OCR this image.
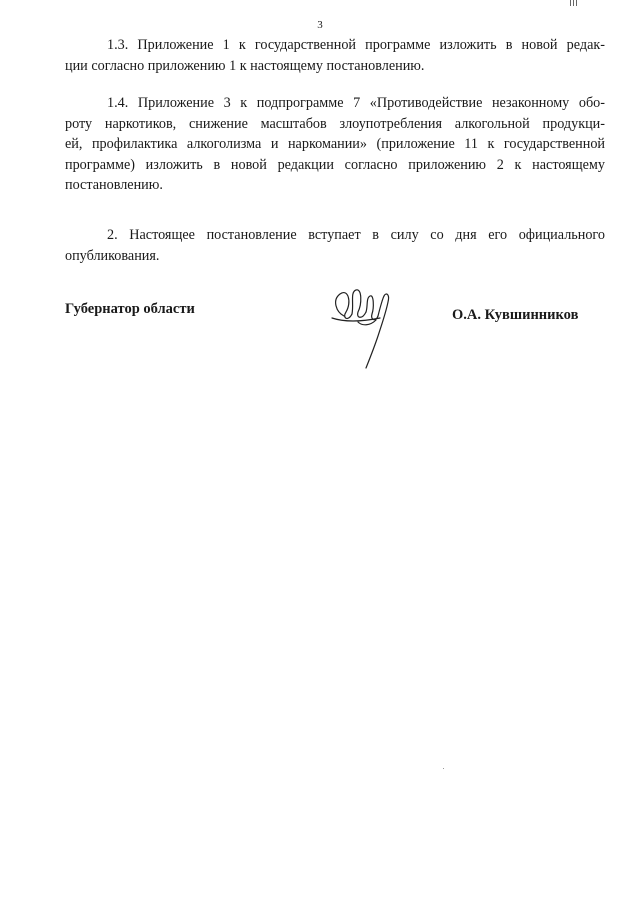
3
1.3. Приложение 1 к государственной программе изложить в новой редак-
ции согласно приложению 1 к настоящему постановлению.
1.4. Приложение 3 к подпрограмме 7 «Противодействие незаконному обо-
роту наркотиков, снижение масштабов злоупотребления алкогольной продукци-
ей, профилактика алкоголизма и наркомании» (приложение 11 к государственной
программе) изложить в новой редакции согласно приложению 2 к настоящему
постановлению.
2. Настоящее постановление вступает в силу со дня его официального
опубликования.
Губернатор области	О.А. Кувшинников
